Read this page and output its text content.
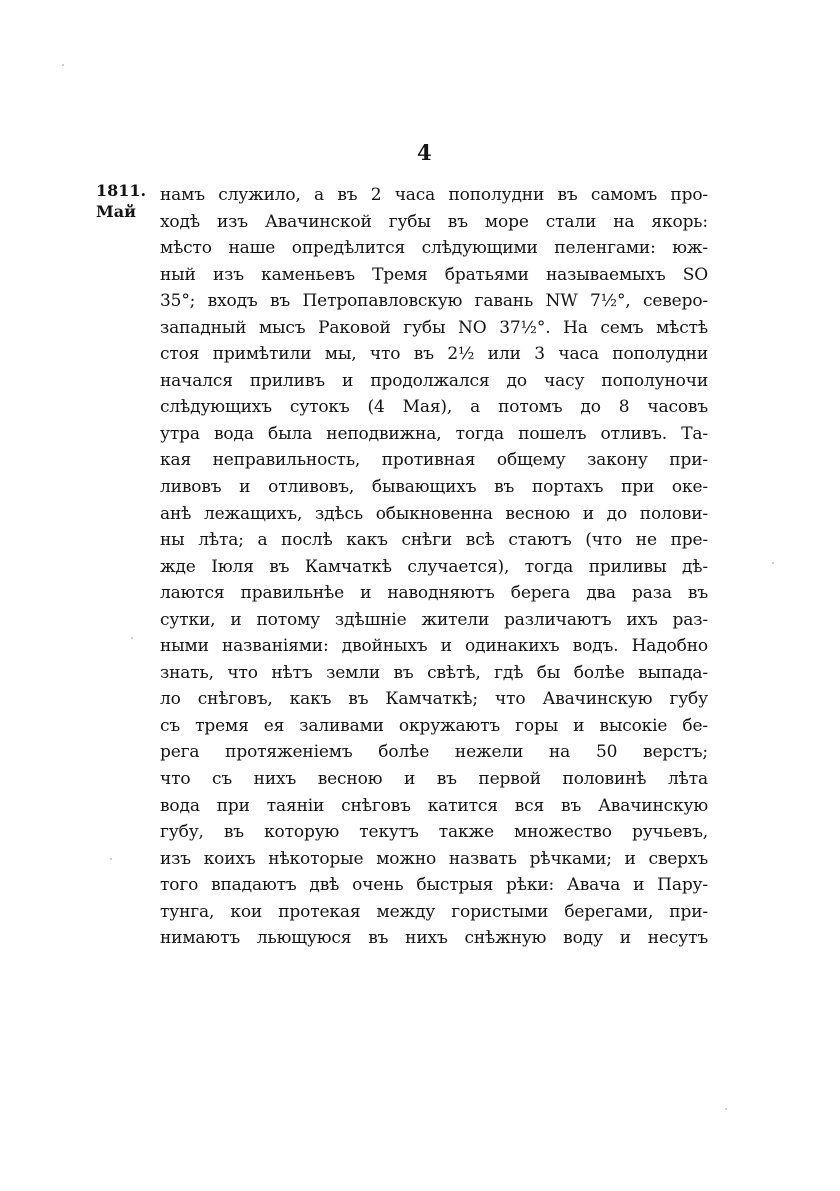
4
1811.
Май
намъ служило, а въ 2 часа пополудни въ самомъ про-
ходѣ изъ Авачинской губы въ море стали на якорь:
мѣсто наше опредѣлится слѣдующими пеленгами: юж-
ный изъ каменьевъ Тремя братьями называемыхъ SO
35°; входъ въ Петропавловскую гавань NW 7½°, северо-
западный мысъ Раковой губы NO 37½°. На семъ мѣстѣ
стоя примѣтили мы, что въ 2½ или 3 часа пополудни
начался приливъ и продолжался до часу пополуночи
слѣдующихъ сутокъ (4 Мая), а потомъ до 8 часовъ
утра вода была неподвижна, тогда пошелъ отливъ. Та-
кая неправильность, противная общему закону при-
ливовъ и отливовъ, бывающихъ въ портахъ при оке-
анѣ лежащихъ, здѣсь обыкновенна весною и до полови-
ны лѣта; а послѣ какъ снѣги всѣ стаютъ (что не пре-
жде Іюля въ Камчаткѣ случается), тогда приливы дѣ-
лаются правильнѣе и наводняютъ берега два раза въ
сутки, и потому здѣшніе жители различаютъ ихъ раз-
ными названіями: двойныхъ и одинакихъ водъ. Надобно
знать, что нѣтъ земли въ свѣтѣ, гдѣ бы болѣе выпада-
ло снѣговъ, какъ въ Камчаткѣ; что Авачинскую губу
съ тремя ея заливами окружаютъ горы и высокіе бе-
рега протяженіемъ болѣе нежели на 50 верстъ;
что съ нихъ весною и въ первой половинѣ лѣта
вода при таяніи снѣговъ катится вся въ Авачинскую
губу, въ которую текутъ также множество ручьевъ,
изъ коихъ нѣкоторые можно назвать рѣчками; и сверхъ
того впадаютъ двѣ очень быстрыя рѣки: Авача и Пару-
тунга, кои протекая между гористыми берегами, при-
нимаютъ льющуюся въ нихъ снѣжную воду и несутъ
